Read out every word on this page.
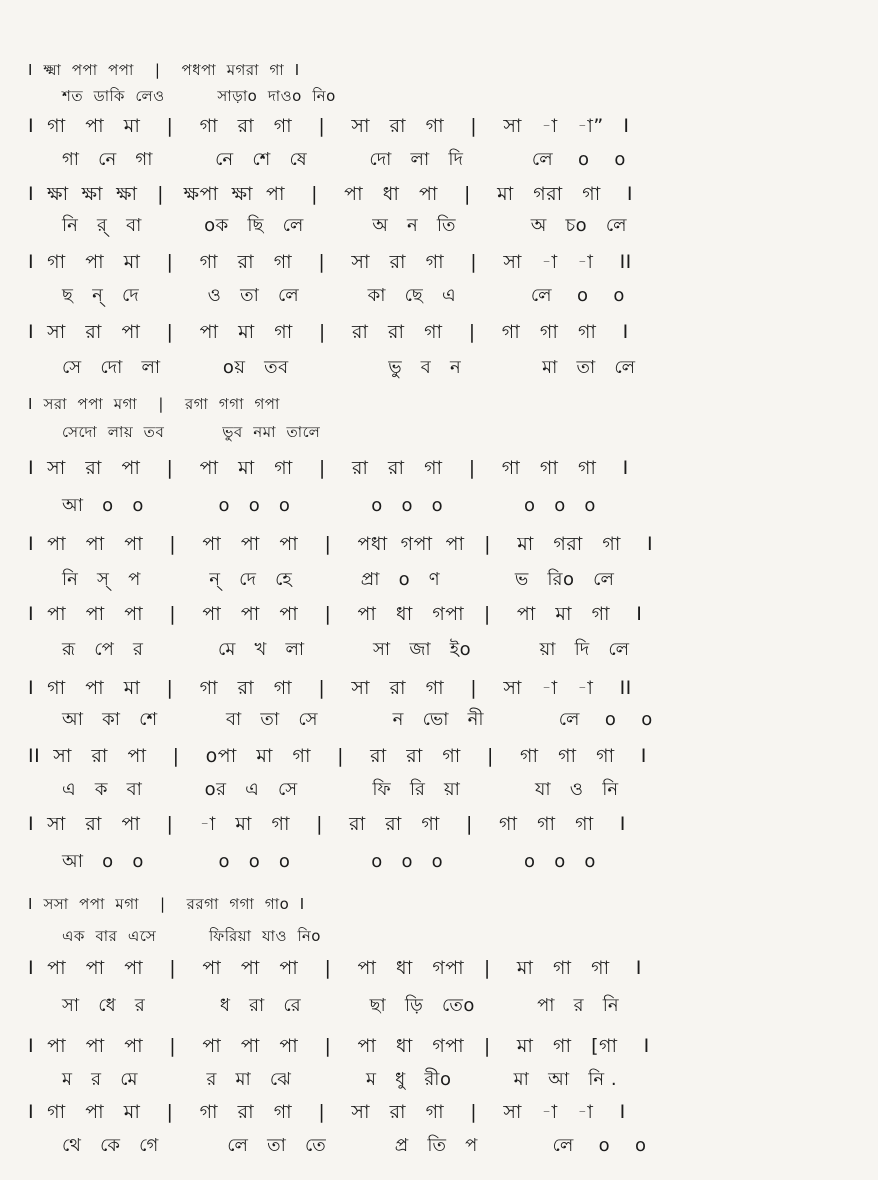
I  ক্ষ্মা  পপা  পপা    |    পধপা  মগরা  গা  I
শত  ডাকি  লেও          সাড়াo  দাওo  নিo
I  গা   পা   মা    |    গা   রা   গা    |    সা   রা   গা    |    সা   -া   -া”   I
গা   নে   গা          নে   শে   ষে          দো   লা   দি           লে    o    o
I  ক্ষা  ক্ষা  ক্ষা   |   ক্ষপা  ক্ষা  পা    |    পা   ধা   পা    |    মা   গরা   গা    I
নি   র্   বা          oক   ছি   লে           অ   ন   তি            অ   চo   লে
I  গা   পা   মা    |    গা   রা   গা    |    সা   রা   গা    |    সা   -া   -া    II
ছ   ন্   দে           ও   তা   লে           কা   ছে   এ            লে    o    o
I  সা   রা   পা    |    পা   মা   গা    |    রা   রা   গা    |    গা   গা   গা    I
সে   দো   লা          oয়   তব                ভু   ব   ন             মা   তা   লে
I  সরা  পপা  মগা    |    রগা  গগা  গপা
সেদো  লায়  তব           ভুব  নমা  তালে
I  সা   রা   পা    |    পা   মা   গা    |    রা   রা   গা    |    গা   গা   গা    I
আ   o   o            o   o   o             o   o   o             o   o   o
I  পা   পা   পা    |    পা   পা   পা    |    পধা  গপা  পা   |    মা   গরা   গা    I
নি   স্   প           ন্   দে   হে           প্রা   o   ণ            ভ   রিo   লে
I  পা   পা   পা    |    পা   পা   পা    |    পা   ধা   গপা   |    পা   মা   গা    I
রূ   পে   র            মে   খ   লা           সা   জা   ইo           য়া   দি   লে
I  গা   পা   মা    |    গা   রা   গা    |    সা   রা   গা    |    সা   -া   -া    II
আ   কা   শে           বা   তা   সে            ন   ভো   নী            লে    o    o
II  সা   রা   পা    |    oপা   মা   গা    |    রা   রা   গা    |    গা   গা   গা    I
এ   ক   বা          oর   এ   সে            ফি   রি   য়া            যা   ও   নি
I  সা   রা   পা    |    -া   মা   গা    |    রা   রা   গা    |    গা   গা   গা    I
আ   o   o            o   o   o             o   o   o             o   o   o
I  সসা  পপা  মগা    |    ররগা  গগা  গাo  I
এক  বার  এসে          ফিরিয়া  যাও  নিo
I  পা   পা   পা    |    পা   পা   পা    |    পা   ধা   গপা   |    মা   গা   গা    I
সা   ধে   র            ধ   রা   রে           ছা   ড়ি   তেo          পা   র   নি
I  পা   পা   পা    |    পা   পা   পা    |    পা   ধা   গপা   |    মা   গা   [গা    I
ম   র   মে           র   মা   ঝে            ম   ধু   রীo          মা   আ   নি .
I  গা   পা   মা    |    গা   রা   গা    |    সা   রা   গা    |    সা   -া   -া    I
থে   কে   গে           লে   তা   তে           প্র   তি   প            লে    o    o
